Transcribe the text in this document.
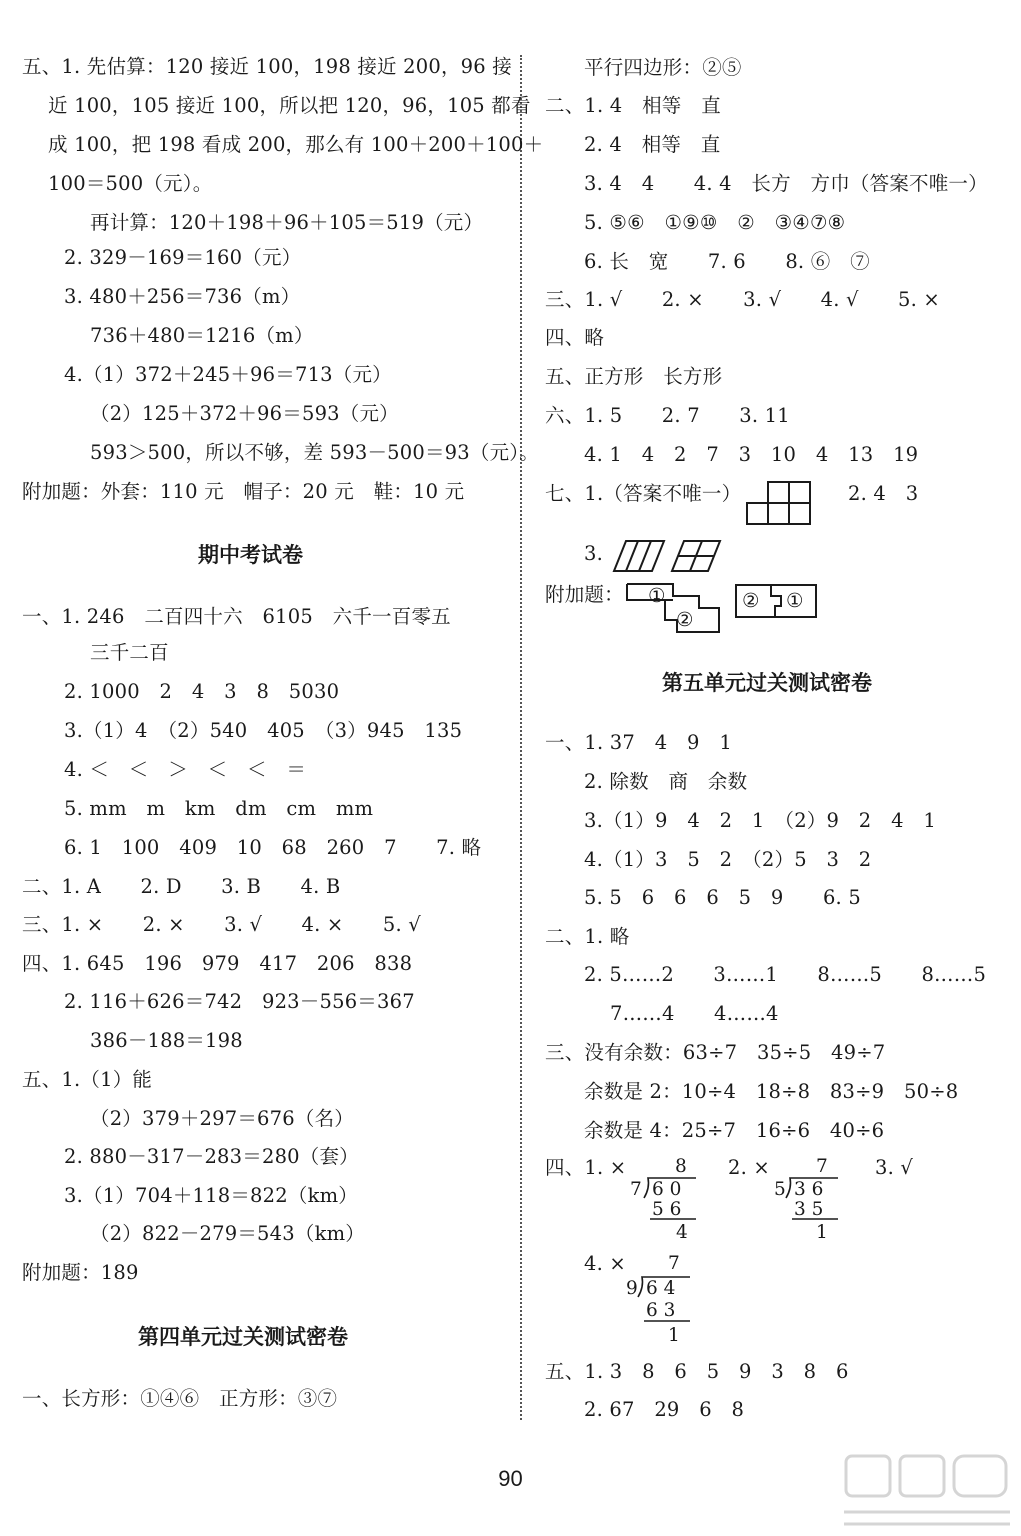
五、1. 先估算：120 接近 100，198 接近 200，96 接
近 100，105 接近 100，所以把 120，96，105 都看
成 100，把 198 看成 200，那么有 100＋200＋100＋
100＝500（元）。
再计算：120＋198＋96＋105＝519（元）
2. 329－169＝160（元）
3. 480＋256＝736（m）
736＋480＝1216（m）
4.（1）372＋245＋96＝713（元）
（2）125＋372＋96＝593（元）
593＞500，所以不够，差 593－500＝93（元）。
附加题：外套：110 元　帽子：20 元　鞋：10 元
期中考试卷
一、1. 246　二百四十六　6105　六千一百零五
三千二百
2. 1000　2　4　3　8　5030
3.（1）4　（2）540　405　（3）945　135
4. ＜　＜　＞　＜　＜　＝
5. mm　m　km　dm　cm　mm
6. 1　100　409　10　68　260　7　　7. 略
二、1. A　　2. D　　3. B　　4. B
三、1. ×　　2. ×　　3. √　　4. ×　　5. √
四、1. 645　196　979　417　206　838
2. 116＋626＝742　923－556＝367
386－188＝198
五、1.（1）能
（2）379＋297＝676（名）
2. 880－317－283＝280（套）
3.（1）704＋118＝822（km）
（2）822－279＝543（km）
附加题：189
第四单元过关测试密卷
一、长方形：①④⑥　正方形：③⑦
平行四边形：②⑤
二、1. 4　相等　直
2. 4　相等　直
3. 4　4　　4. 4　长方　方巾（答案不唯一）
5. ⑤⑥　①⑨⑩　②　③④⑦⑧
6. 长　宽　　7. 6　　8. ⑥　⑦
三、1. √　　2. ×　　3. √　　4. √　　5. ×
四、略
五、正方形　长方形
六、1. 5　　2. 7　　3. 11
4. 1　4　2　7　3　10　4　13　19
七、1.（答案不唯一）	2. 4　3
3.
附加题： ①
②
② ①
第五单元过关测试密卷
一、1. 37　4　9　1
2. 除数　商　余数
3.（1）9　4　2　1　（2）9　2　4　1
4.（1）3　5　2　（2）5　3　2
5. 5　6　6　6　5　9　　6. 5
二、1. 略
2. 5……2　　3……1　　8……5　　8……5
7……4　　4……4
三、没有余数：63÷7　35÷5　49÷7
余数是 2：10÷4　18÷8　83÷9　50÷8
余数是 4：25÷7　16÷6　40÷6
四、1. ×	8
7 6 0
5 6
4
2. × 7
5 3 6
3 5
1
3. √
4. × 7
9 6 4
6 3
1
五、1. 3　8　6　5　9　3　8　6
2. 67　29　6　8
90
